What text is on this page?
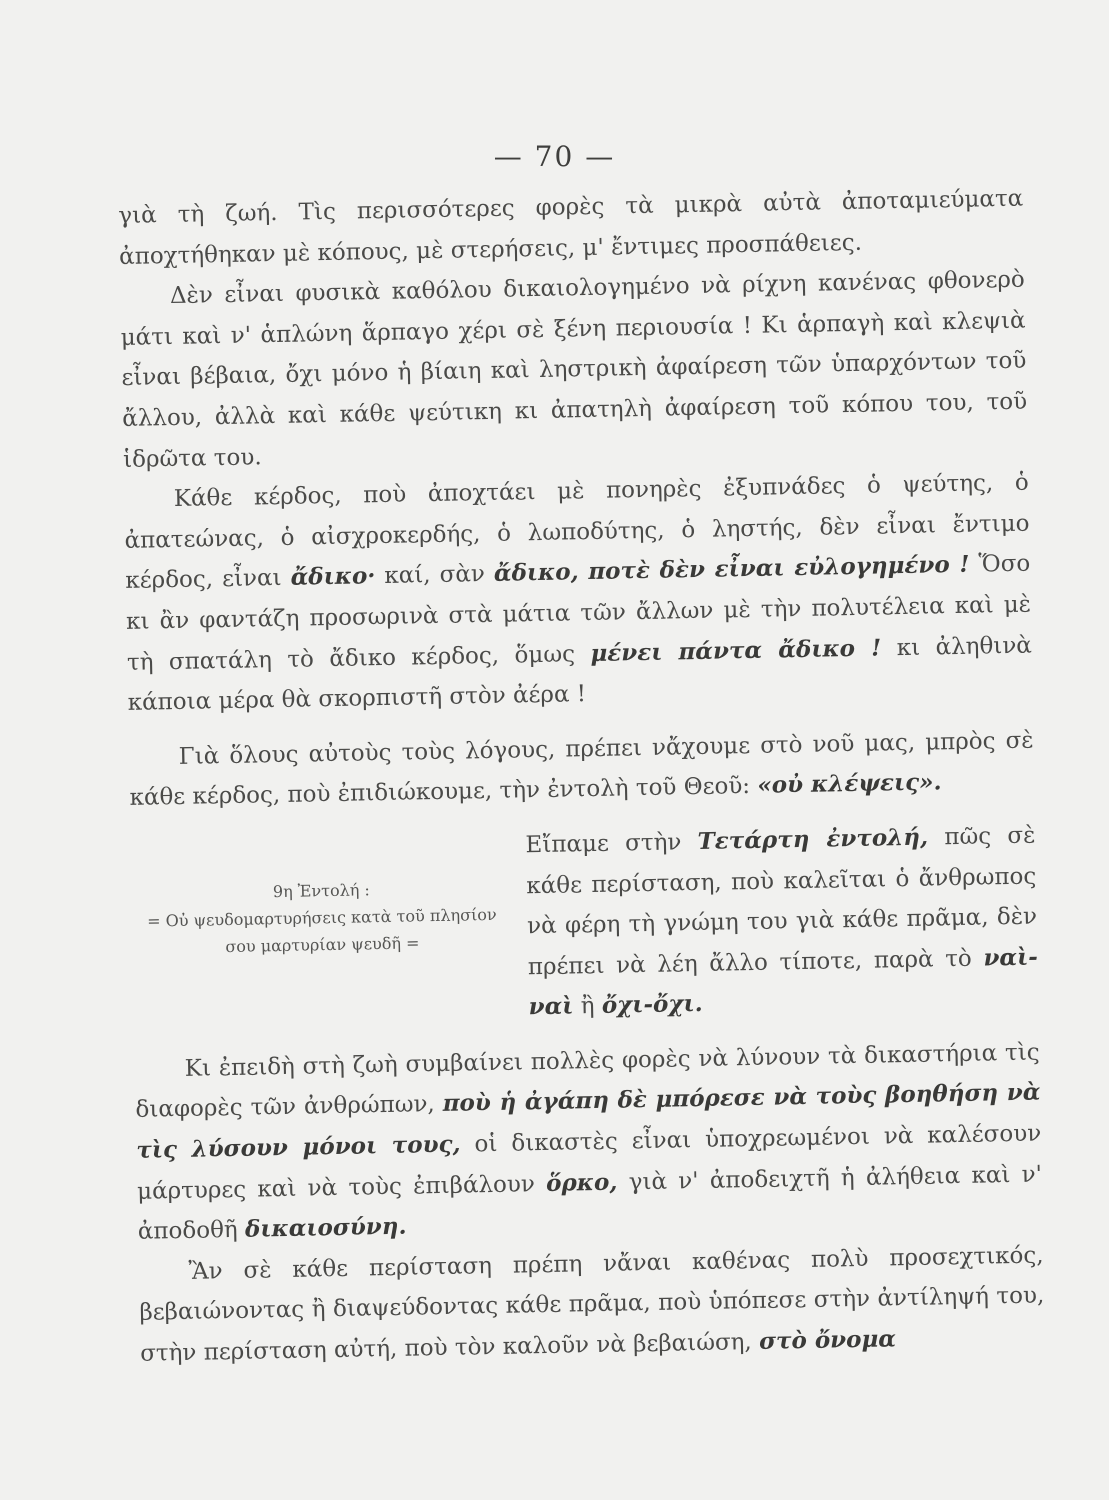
— 70 —

γιὰ τὴ ζωή. Τὶς περισσότερες φορὲς τὰ μικρὰ αὐτὰ ἀποταμιεύματα ἀποχτήθηκαν μὲ κόπους, μὲ στερήσεις, μ' ἔντιμες προσπάθειες.

Δὲν εἶναι φυσικὰ καθόλου δικαιολογημένο νὰ ρίχνη κανένας φθονερὸ μάτι καὶ ν' ἁπλώνη ἅρπαγο χέρι σὲ ξένη περιουσία ! Κι ἁρπαγὴ καὶ κλεψιὰ εἶναι βέβαια, ὄχι μόνο ἡ βίαιη καὶ ληστρικὴ ἀφαίρεση τῶν ὑπαρχόντων τοῦ ἄλλου, ἀλλὰ καὶ κάθε ψεύτικη κι ἀπατηλὴ ἀφαίρεση τοῦ κόπου του, τοῦ ἱδρῶτα του.

Κάθε κέρδος, ποὺ ἀποχτάει μὲ πονηρὲς ἐξυπνάδες ὁ ψεύτης, ὁ ἀπατεώνας, ὁ αἰσχροκερδής, ὁ λωποδύτης, ὁ ληστής, δὲν εἶναι ἔντιμο κέρδος, εἶναι ἄδικο· καί, σὰν ἄδικο, ποτὲ δὲν εἶναι εὐλογημένο ! Ὅσο κι ἂν φαντάζη προσωρινὰ στὰ μάτια τῶν ἄλλων μὲ τὴν πολυτέλεια καὶ μὲ τὴ σπατάλη τὸ ἄδικο κέρδος, ὅμως μένει πάντα ἄδικο ! κι ἀληθινὰ κάποια μέρα θὰ σκορπιστῆ στὸν ἀέρα !

Γιὰ ὅλους αὐτοὺς τοὺς λόγους, πρέπει νἄχουμε στὸ νοῦ μας, μπρὸς σὲ κάθε κέρδος, ποὺ ἐπιδιώκουμε, τὴν ἐντολὴ τοῦ Θεοῦ: «οὐ κλέψεις».

9η Ἐντολή :
= Οὐ ψευδομαρτυρήσεις κατὰ τοῦ πλησίον σου μαρτυρίαν ψευδῆ =

Εἴπαμε στὴν Τετάρτη ἐντολή, πῶς σὲ κάθε περίσταση, ποὺ καλεῖται ὁ ἄνθρωπος νὰ φέρη τὴ γνώμη του γιὰ κάθε πρᾶμα, δὲν πρέπει νὰ λέη ἄλλο τίποτε, παρὰ τὸ ναὶ-ναὶ ἢ ὄχι-ὄχι.

Κι ἐπειδὴ στὴ ζωὴ συμβαίνει πολλὲς φορὲς νὰ λύνουν τὰ δικαστήρια τὶς διαφορὲς τῶν ἀνθρώπων, ποὺ ἡ ἀγάπη δὲ μπόρεσε νὰ τοὺς βοηθήση νὰ τὶς λύσουν μόνοι τους, οἱ δικαστὲς εἶναι ὑποχρεωμένοι νὰ καλέσουν μάρτυρες καὶ νὰ τοὺς ἐπιβάλουν ὅρκο, γιὰ ν' ἀποδειχτῆ ἡ ἀλήθεια καὶ ν' ἀποδοθῆ δικαιοσύνη.

Ἂν σὲ κάθε περίσταση πρέπη νἄναι καθένας πολὺ προσεχτικός, βεβαιώνοντας ἢ διαψεύδοντας κάθε πρᾶμα, ποὺ ὑπόπεσε στὴν ἀντίληψή του, στὴν περίσταση αὐτή, ποὺ τὸν καλοῦν νὰ βεβαιώση, στὸ ὄνομα
